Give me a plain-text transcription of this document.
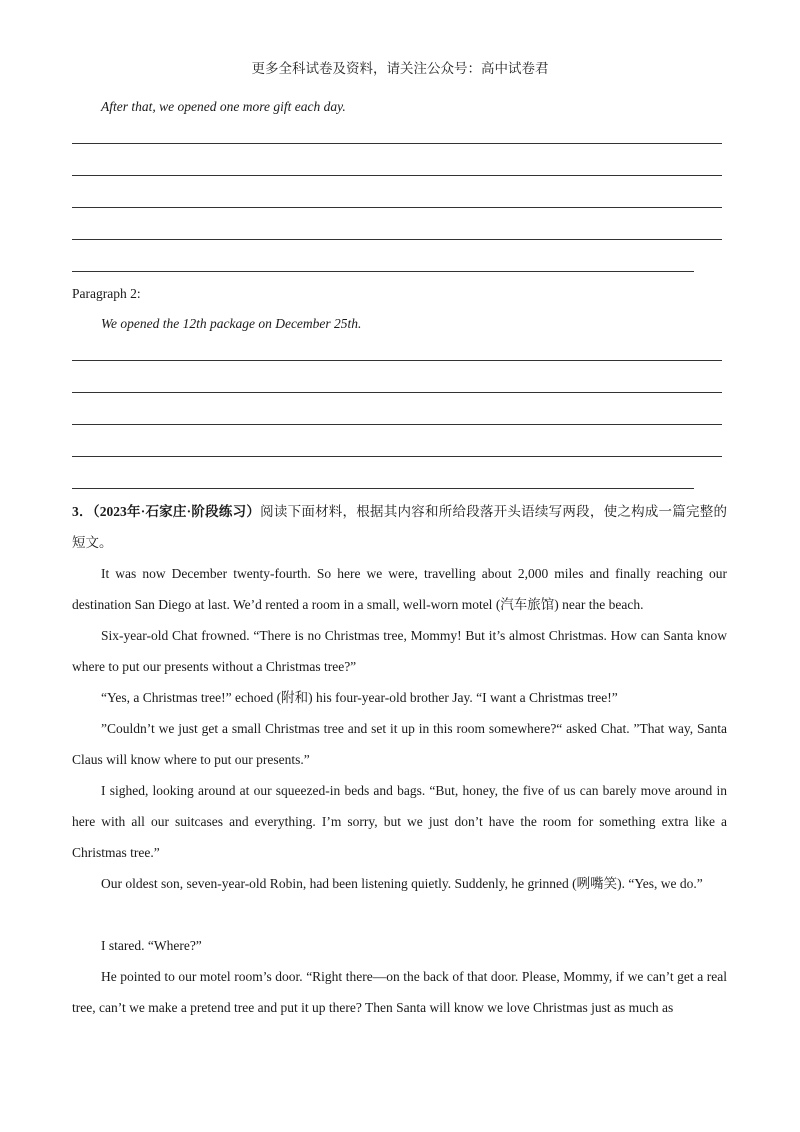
更多全科试卷及资料，请关注公众号：高中试卷君
After that, we opened one more gift each day.
Paragraph 2:
We opened the 12th package on December 25th.

3．（2023年·石家庄·阶段练习）阅读下面材料，根据其内容和所给段落开头语续写两段，使之构成一篇完整的短文。

It was now December twenty-fourth. So here we were, travelling about 2,000 miles and finally reaching our destination San Diego at last. We’d rented a room in a small, well-worn motel (汽车旅馆) near the beach.

Six-year-old Chat frowned. “There is no Christmas tree, Mommy! But it’s almost Christmas. How can Santa know where to put our presents without a Christmas tree?”

“Yes, a Christmas tree!” echoed (附和) his four-year-old brother Jay. “I want a Christmas tree!”

”Couldn’t we just get a small Christmas tree and set it up in this room somewhere?“ asked Chat. ”That way, Santa Claus will know where to put our presents.”

I sighed, looking around at our squeezed-in beds and bags. “But, honey, the five of us can barely move around in here with all our suitcases and everything. I’m sorry, but we just don’t have the room for something extra like a Christmas tree.”

Our oldest son, seven-year-old Robin, had been listening quietly. Suddenly, he grinned (咧嘴笑). “Yes, we do.”

I stared. “Where?”

He pointed to our motel room’s door. “Right there—on the back of that door. Please, Mommy, if we can’t get a real tree, can’t we make a pretend tree and put it up there? Then Santa will know we love Christmas just as much as
